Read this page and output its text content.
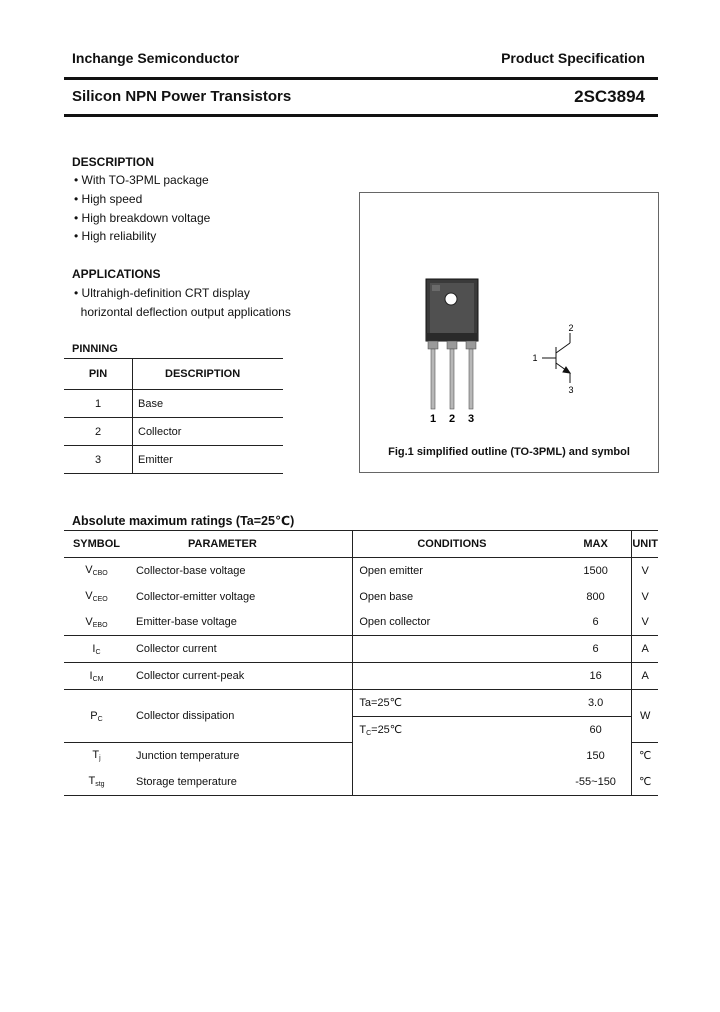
Inchange Semiconductor	Product Specification
Silicon NPN Power Transistors	2SC3894
DESCRIPTION
• With TO-3PML package
• High speed
• High breakdown voltage
• High reliability
APPLICATIONS
• Ultrahigh-definition CRT display
horizontal deflection output applications
PINNING
PIN	DESCRIPTION
1	Base
2	Collector
3	Emitter
1 2 3
2
1
3
Fig.1 simplified outline (TO-3PML) and symbol
Absolute maximum ratings (Ta=25℃)
SYMBOL	PARAMETER	CONDITIONS	MAX	UNIT
$V_{CBO}$	Collector-base voltage	Open emitter	1500	V
$V_{CEO}$	Collector-emitter voltage	Open base	800	V
$V_{EBO}$	Emitter-base voltage	Open collector	6	V
$I_C$	Collector current		6	A
$I_{CM}$	Collector current-peak		16	A
$P_C$	Collector dissipation	Ta=25℃	3.0	W
		$T_C=25℃$	60	
$T_j$	Junction temperature		150	℃
$T_{stg}$	Storage temperature		-55~150	℃
